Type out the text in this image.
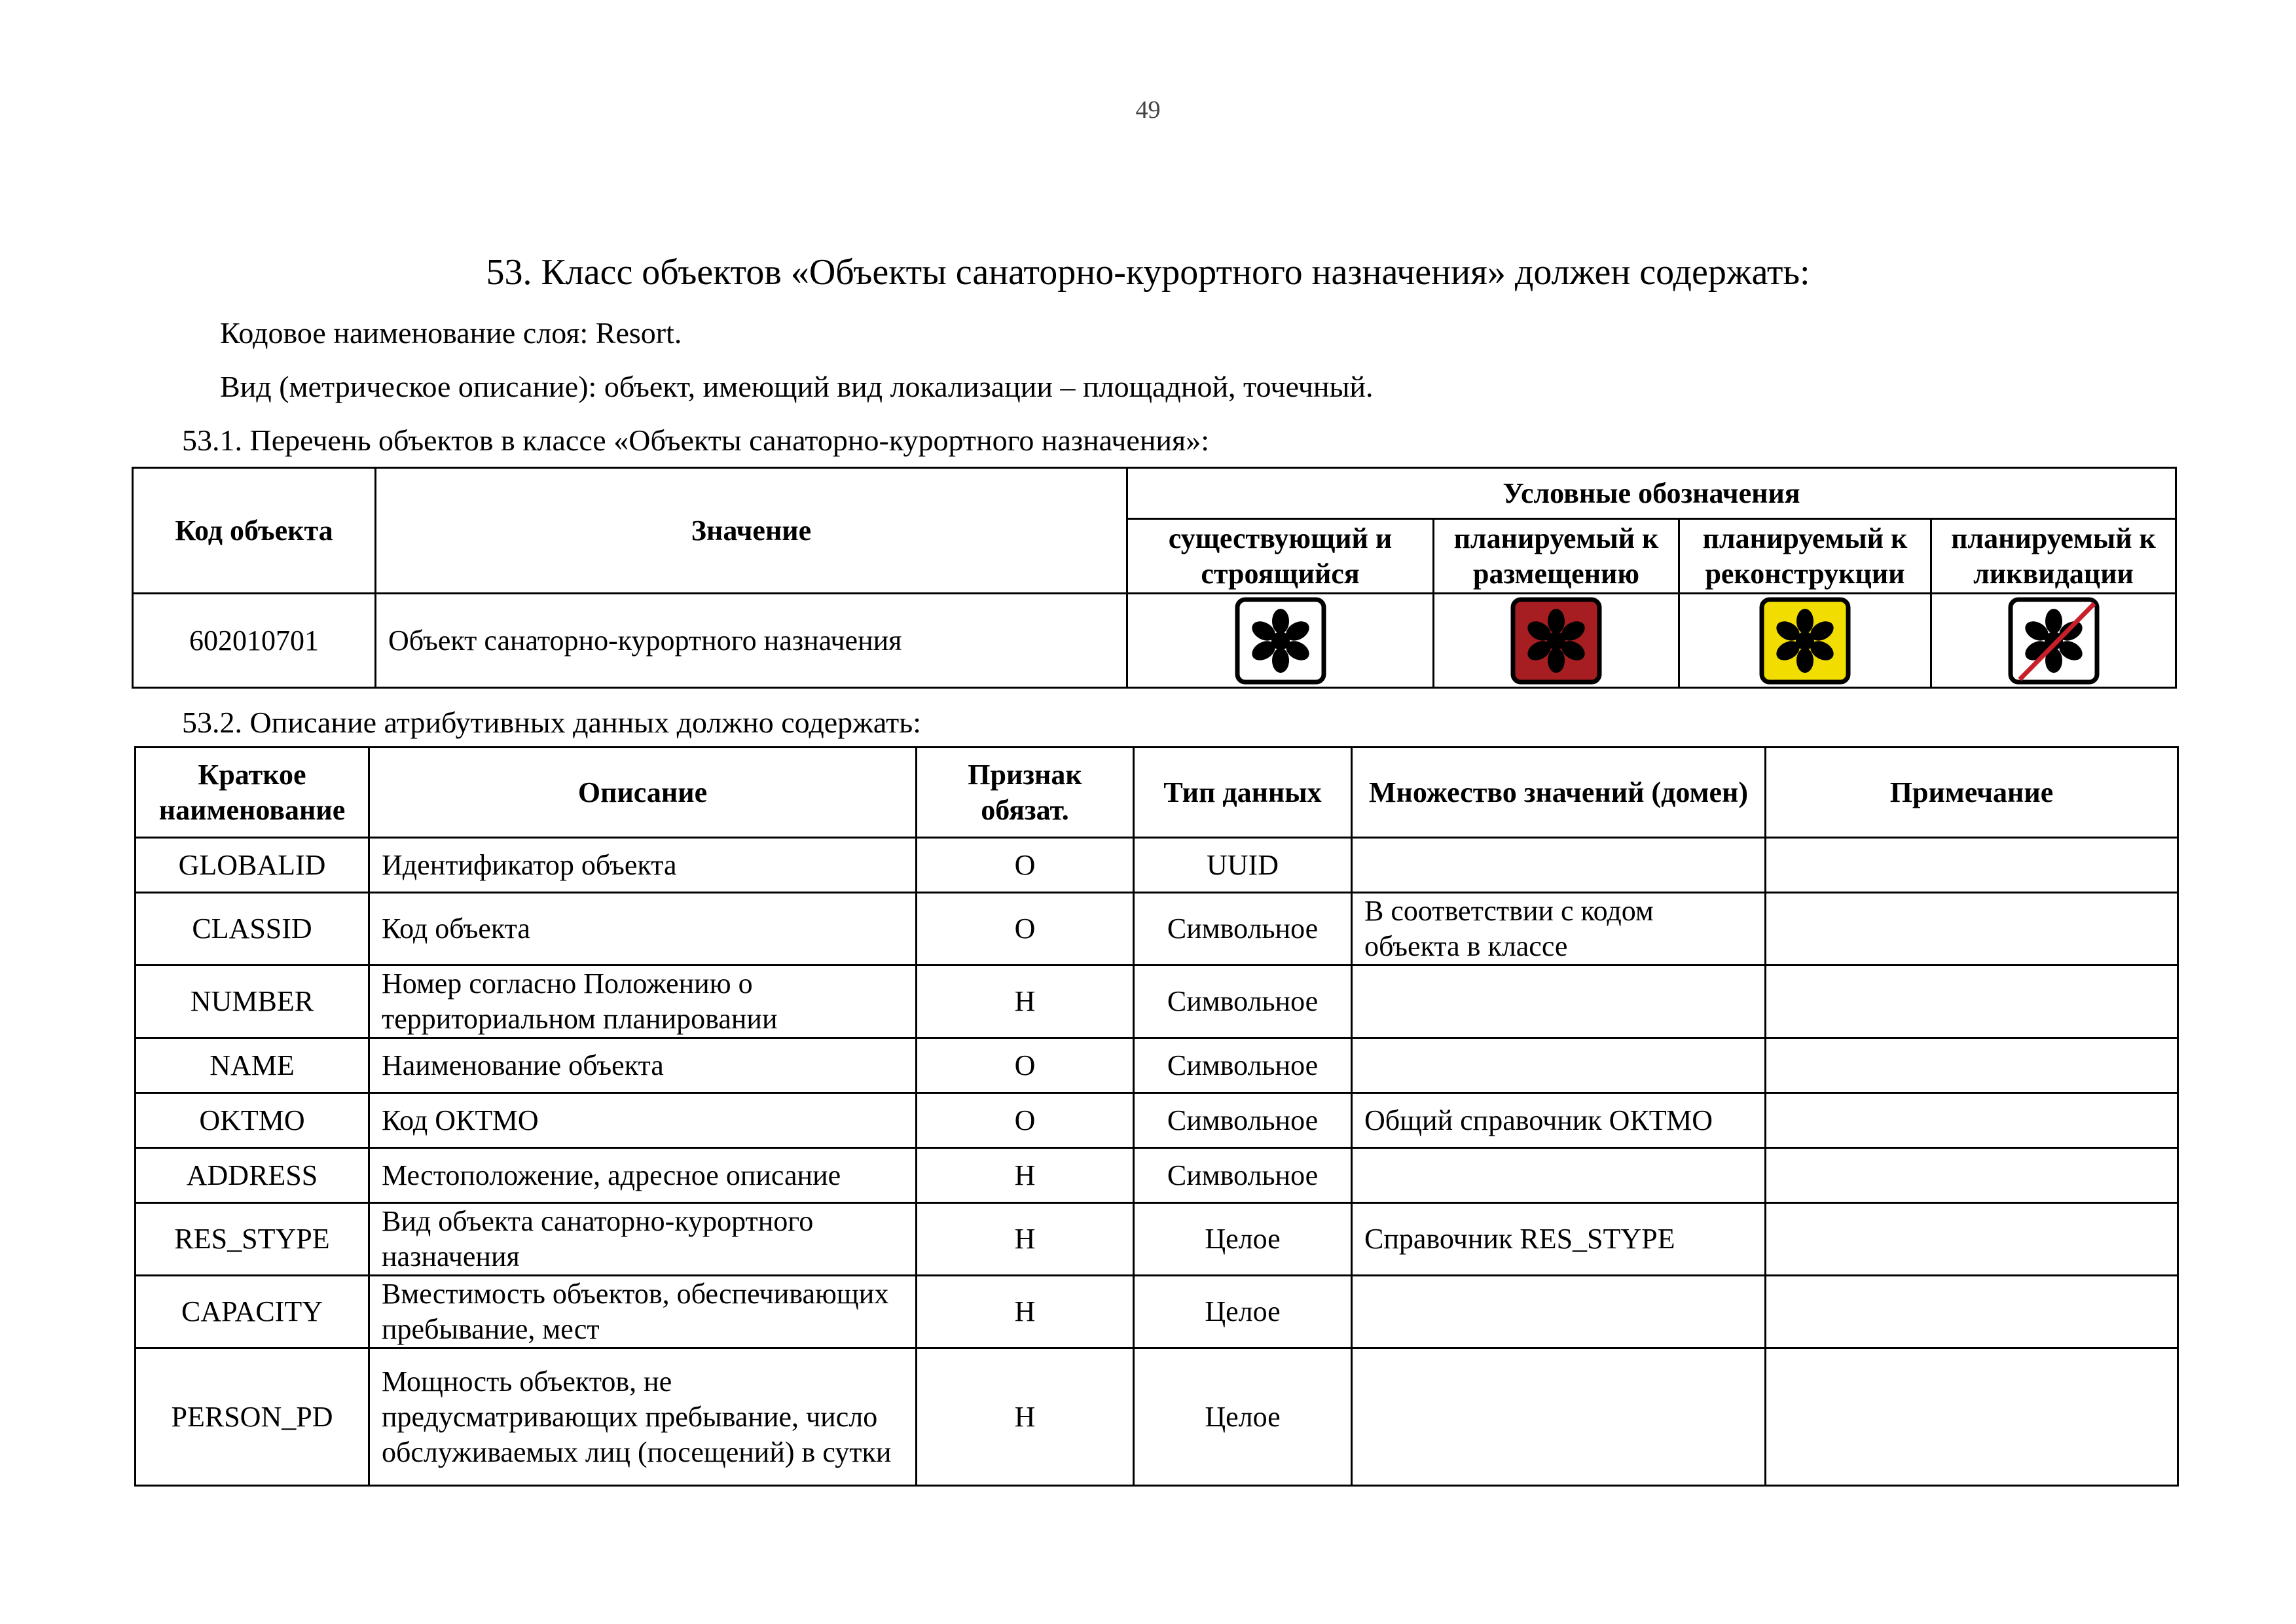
49
53. Класс объектов «Объекты санаторно-курортного назначения» должен содержать:
Кодовое наименование слоя: Resort.
Вид (метрическое описание): объект, имеющий вид локализации – площадной, точечный.
53.1. Перечень объектов в классе «Объекты санаторно-курортного назначения»:
Код объекта	Значение	Условные обозначения			
		существующий и строящийся	планируемый к размещению	планируемый к реконструкции	планируемый к ликвидации
602010701	Объект санаторно-курортного назначения	

53.2. Описание атрибутивных данных должно содержать:
Краткое наименование	Описание	Признак обязат.	Тип данных	Множество значений (домен)	Примечание
GLOBALID	Идентификатор объекта	О	UUID		
CLASSID	Код объекта	О	Символьное	В соответствии с кодом объекта в классе	
NUMBER	Номер согласно Положению о территориальном планировании	Н	Символьное		
NAME	Наименование объекта	О	Символьное		
OKTMO	Код ОКТМО	О	Символьное	Общий справочник ОКТМО	
ADDRESS	Местоположение, адресное описание	Н	Символьное		
RES_STYPE	Вид объекта санаторно-курортного назначения	Н	Целое	Справочник RES_STYPE	
CAPACITY	Вместимость объектов, обеспечивающих пребывание, мест	Н	Целое		
PERSON_PD	Мощность объектов, не предусматривающих пребывание, число обслуживаемых лиц (посещений) в сутки	Н	Целое		
